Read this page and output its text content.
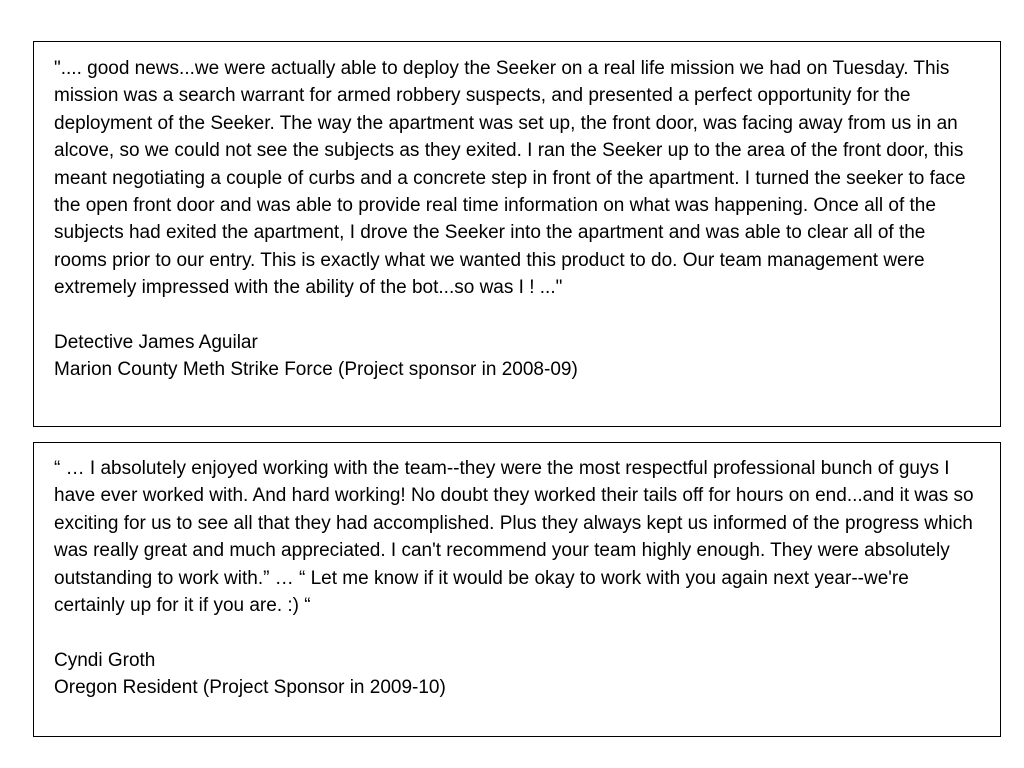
".... good news...we were actually able to deploy the Seeker on a real life mission we had on Tuesday. This mission was a search warrant for armed robbery suspects, and presented a perfect opportunity for the deployment of the Seeker. The way the apartment was set up, the front door, was facing away from us in an alcove, so we could not see the subjects as they exited. I ran the Seeker up to the area of the front door, this meant negotiating a couple of curbs and a concrete step in front of the apartment. I turned the seeker to face the open front door and was able to provide real time information on what was happening. Once all of the subjects had exited the apartment, I drove the Seeker into the apartment and was able to clear all of the rooms prior to our entry. This is exactly what we wanted this product to do. Our team management were extremely impressed with the ability of the bot...so was I ! ..."

Detective James Aguilar

Marion County Meth Strike Force (Project sponsor in 2008-09)

“ … I absolutely enjoyed working with the team--they were the most respectful professional bunch of guys I have ever worked with. And hard working! No doubt they worked their tails off for hours on end...and it was so exciting for us to see all that they had accomplished. Plus they always kept us informed of the progress which was really great and much appreciated. I can't recommend your team highly enough. They were absolutely outstanding to work with.” … “ Let me know if it would be okay to work with you again next year--we're certainly up for it if you are. :) “

Cyndi Groth

Oregon Resident (Project Sponsor in 2009-10)
